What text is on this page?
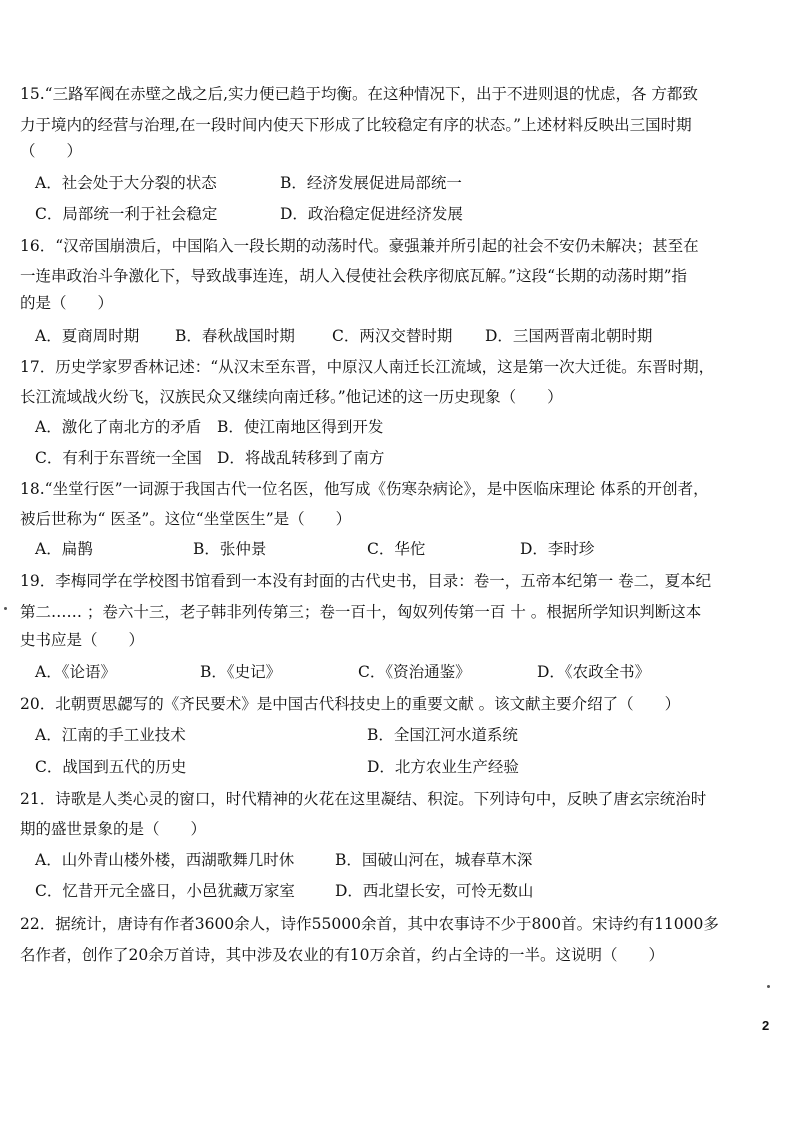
15.“三路军阀在赤壁之战之后,实力便已趋于均衡。在这种情况下，出于不进则退的忧虑，各 方都致
力于境内的经营与治理,在一段时间内使天下形成了比较稳定有序的状态。”上述材料反映出三国时期
（　　）
A．社会处于大分裂的状态	B．经济发展促进局部统一
C．局部统一利于社会稳定	D．政治稳定促进经济发展
16．“汉帝国崩溃后，中国陷入一段长期的动荡时代。豪强兼并所引起的社会不安仍未解决；甚至在
一连串政治斗争激化下，导致战事连连，胡人入侵使社会秩序彻底瓦解。”这段“长期的动荡时期”指
的是（　　）
A．夏商周时期 B．春秋战国时期 C．两汉交替时期 D．三国两晋南北朝时期
17．历史学家罗香林记述：“从汉末至东晋，中原汉人南迁长江流域，这是第一次大迁徙。东晋时期，
长江流域战火纷飞，汉族民众又继续向南迁移。”他记述的这一历史现象（　　）
A．激化了南北方的矛盾 B．使江南地区得到开发
C．有利于东晋统一全国 D．将战乱转移到了南方
18.“坐堂行医”一词源于我国古代一位名医，他写成《伤寒杂病论》，是中医临床理论 体系的开创者，
被后世称为“ 医圣”。这位“坐堂医生”是（　　）
A．扁鹊	B．张仲景	C．华佗	D．李时珍
19．李梅同学在学校图书馆看到一本没有封面的古代史书，目录：卷一，五帝本纪第一 卷二，夏本纪
第二…… ；卷六十三，老子韩非列传第三；卷一百十，匈奴列传第一百 十 。根据所学知识判断这本
史书应是（　　）
A．《论语》	B．《史记》	C．《资治通鉴》	D．《农政全书》
20．北朝贾思勰写的《齐民要术》是中国古代科技史上的重要文献 。该文献主要介绍了（　　）
A．江南的手工业技术	B．全国江河水道系统
C．战国到五代的历史	D．北方农业生产经验
21．诗歌是人类心灵的窗口，时代精神的火花在这里凝结、积淀。下列诗句中，反映了唐玄宗统治时
期的盛世景象的是（　　）
A．山外青山楼外楼，西湖歌舞几时休	B．国破山河在，城春草木深
C．忆昔开元全盛日，小邑犹藏万家室	D．西北望长安，可怜无数山
22．据统计，唐诗有作者3600余人，诗作55000余首，其中农事诗不少于800首。宋诗约有11000多
名作者，创作了20余万首诗，其中涉及农业的有10万余首，约占全诗的一半。这说明（　　）
2
